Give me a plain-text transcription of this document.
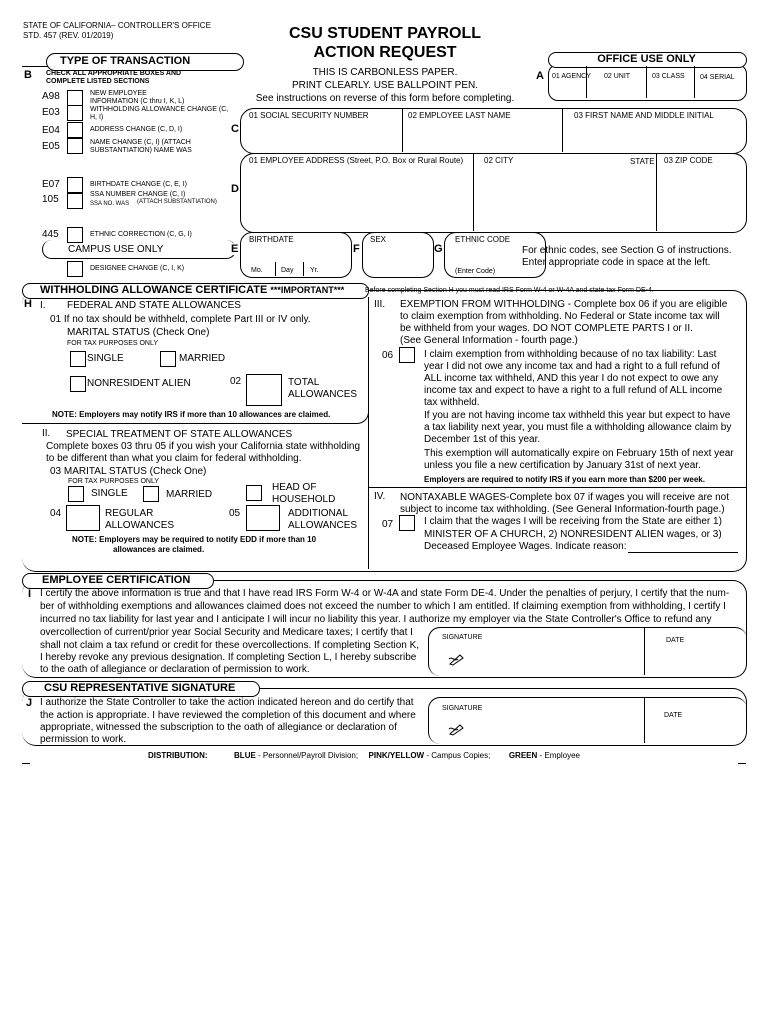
STATE OF CALIFORNIA– CONTROLLER'S OFFICE
STD. 457 (REV. 01/2019)	CSU STUDENT PAYROLL
ACTION REQUEST
THIS IS CARBONLESS PAPER.
PRINT CLEARLY. USE BALLPOINT PEN.
See instructions on reverse of this form before completing.
TYPE OF TRANSACTION
B CHECK ALL APPROPRIATE BOXES AND COMPLETE LISTED SECTIONS
A98	NEW EMPLOYEE INFORMATION (C thru I, K, L)
E03	WITHHOLDING ALLOWANCE CHANGE (C, H, I)
E04	ADDRESS CHANGE (C, D, I)
E05	NAME CHANGE (C, I) (ATTACH SUBSTANTIATION) NAME WAS
E07	BIRTHDATE CHANGE (C, E, I)
105	SSA NUMBER CHANGE (C, I)
SSA NO. WAS (ATTACH SUBSTANTIATION)
445	ETHNIC CORRECTION (C, G, I)
CAMPUS USE ONLY
DESIGNEE CHANGE (C, I, K)
OFFICE USE ONLY
A 01 AGENCY 02 UNIT	03 CLASS 04 SERIAL
C
01 SOCIAL SECURITY NUMBER	02 EMPLOYEE LAST NAME	03 FIRST NAME AND MIDDLE INITIAL
D
01 EMPLOYEE ADDRESS (Street, P.O. Box or Rural Route)	02 CITY	STATE 03 ZIP CODE
E
BIRTHDATE
Mo.	Day Yr.
F
SEX
G
ETHNIC CODE
(Enter Code)
For ethnic codes, see Section G of instructions.
Enter appropriate code in space at the left.
WITHHOLDING ALLOWANCE CERTIFICATE ***IMPORTANT***	Before completing Section H you must read IRS Form W-4 or W-4A and state tax Form DE-4.
H I. FEDERAL AND STATE ALLOWANCES
01 If no tax should be withheld, complete Part III or IV only.
MARITAL STATUS (Check One)
FOR TAX PURPOSES ONLY
SINGLE	MARRIED
NONRESIDENT ALIEN	02	TOTAL
ALLOWANCES
NOTE: Employers may notify IRS if more than 10 allowances are claimed.
II. SPECIAL TREATMENT OF STATE ALLOWANCES
Complete boxes 03 thru 05 if you wish your California state withholding
to be different than what you claim for federal withholding.
03 MARITAL STATUS (Check One)
FOR TAX PURPOSES ONLY
SINGLE	MARRIED
HEAD OF
HOUSEHOLD
04	REGULAR
ALLOWANCES
05	ADDITIONAL
ALLOWANCES
NOTE: Employers may be required to notify EDD if more than 10
allowances are claimed.
III. EXEMPTION FROM WITHHOLDING - Complete box 06 if you are eligible
to claim exemption from withholding. No Federal or State income tax will
be withheld from your wages. DO NOT COMPLETE PARTS I or II.
(See General Information - fourth page.)
06	I claim exemption from withholding because of no tax liability: Last
year I did not owe any income tax and had a right to a full refund of
ALL income tax withheld, AND this year I do not expect to owe any
income tax and expect to have a right to a full refund of ALL income
tax withheld.
If you are not having income tax withheld this year but expect to have
a tax liability next year, you must file a withholding allowance claim by
December 1st of this year.
This exemption will automatically expire on February 15th of next year
unless you file a new certification by January 31st of next year.
Employers are required to notify IRS if you earn more than $200 per week.
IV. NONTAXABLE WAGES-Complete box 07 if wages you will receive are not
subject to income tax withholding. (See General Information-fourth page.)
07	I claim that the wages I will be receiving from the State are either 1)
MINISTER OF A CHURCH, 2) NONRESIDENT ALIEN wages, or 3)
Deceased Employee Wages. Indicate reason:
EMPLOYEE CERTIFICATION
I I certify the above information is true and that I have read IRS Form W-4 or W-4A and state Form DE-4. Under the penalties of perjury, I certify that the num-
ber of withholding exemptions and allowances claimed does not exceed the number to which I am entitled. If claiming exemption from withholding, I certify I
incurred no tax liability for last year and I anticipate I will incur no liability this year. I authorize my employer via the State Controller's Office to refund any
overcollection of current/prior year Social Security and Medicare taxes; I certify that I
shall not claim a tax refund or credit for these overcollections. If completing Section K,
I hereby revoke any previous designation. If completing Section L, I hereby subscribe
to the oath of allegiance or declaration of permission to work.
SIGNATURE	DATE
CSU REPRESENTATIVE SIGNATURE
J I authorize the State Controller to take the action indicated hereon and do certify that
the action is appropriate. I have reviewed the completion of this document and where
appropriate, witnessed the subscription to the oath of allegiance or declaration of
permission to work.
SIGNATURE
DATE
DISTRIBUTION:	BLUE - Personnel/Payroll Division; PINK/YELLOW - Campus Copies; GREEN - Employee
